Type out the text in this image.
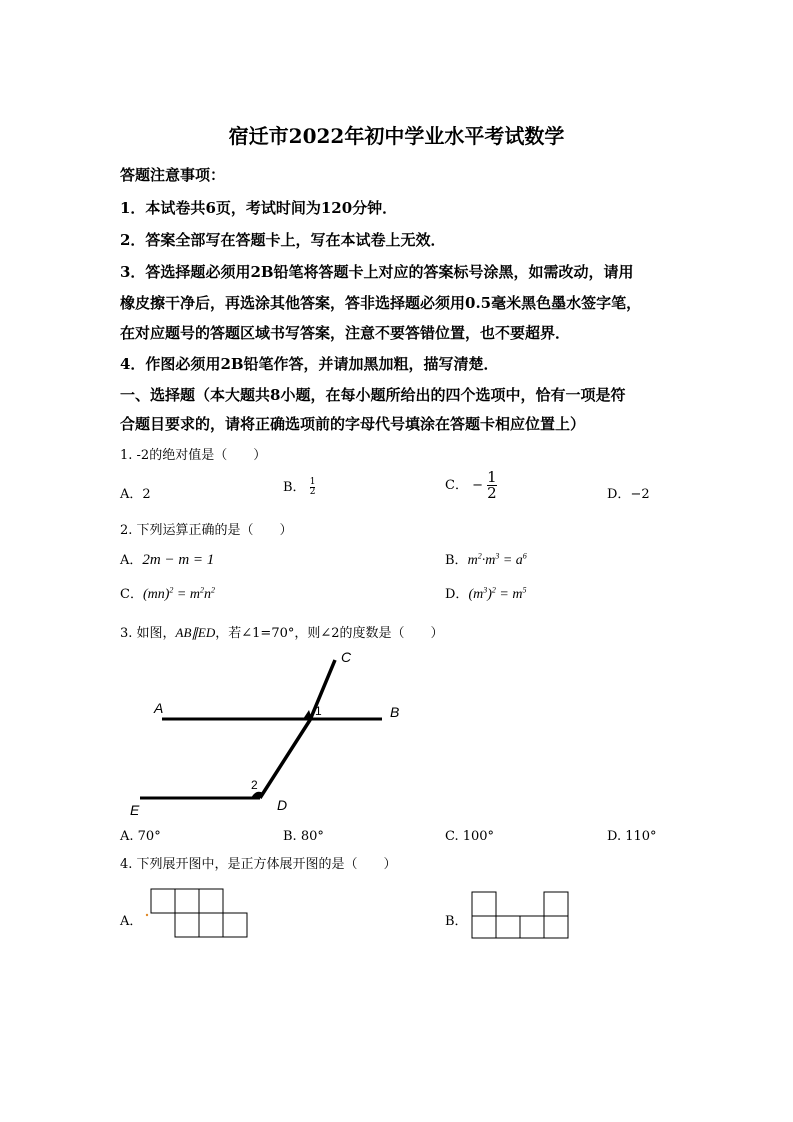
宿迁市2022年初中学业水平考试数学
答题注意事项：
1．本试卷共6页，考试时间为120分钟．
2．答案全部写在答题卡上，写在本试卷上无效．
3．答选择题必须用2B铅笔将答题卡上对应的答案标号涂黑，如需改动，请用
橡皮擦干净后，再选涂其他答案，答非选择题必须用0.5毫米黑色墨水签字笔，
在对应题号的答题区域书写答案，注意不要答错位置，也不要超界．
4．作图必须用2B铅笔作答，并请加黑加粗，描写清楚．
一、选择题（本大题共8小题，在每小题所给出的四个选项中，恰有一项是符
合题目要求的，请将正确选项前的字母代号填涂在答题卡相应位置上）
1. -2的绝对值是（　　）
A．2	B． $\frac{1}{2}$	C． − $\frac{1}{2}$	D．−2
2. 下列运算正确的是（　　）
A．2m − m = 1	B．$m^2\cdot m^3 = a^6$
C．$(mn)^2 = m^2n^2$	D．$(m^3)^2 = m^5$
3. 如图，AB∥ED，若∠1=70°，则∠2的度数是（　　）
A	1	B
C
2
D
E
A. 70°	B. 80°	C. 100°	D. 110°
4. 下列展开图中，是正方体展开图的是（　　）
A．	B．
